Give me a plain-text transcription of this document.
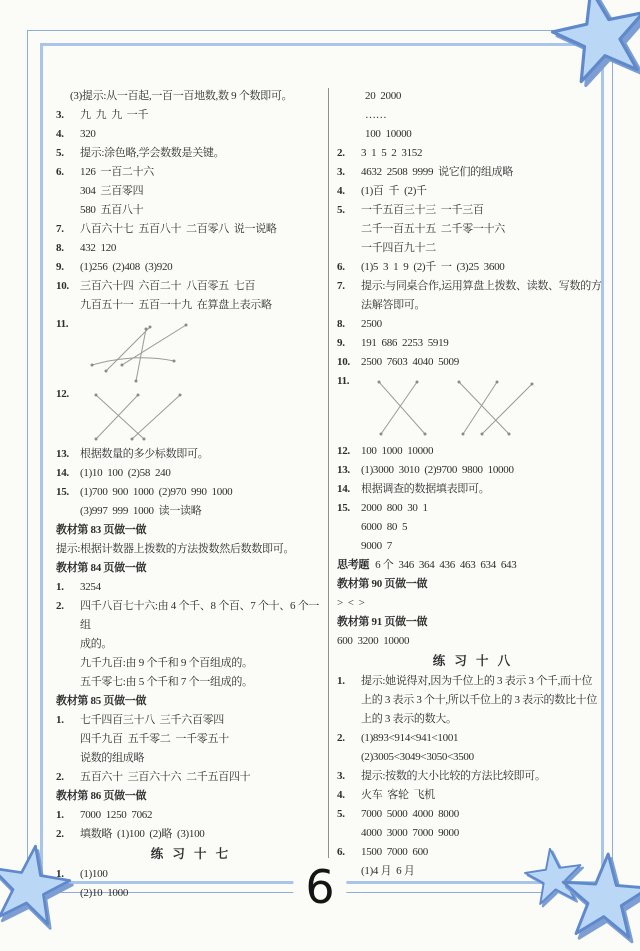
(3)提示:从一百起,一百一百地数,数 9 个数即可。
3.	九  九  九  一千
4.	320
5.	提示:涂色略,学会数数是关键。
6.	126  一百二十六
304  三百零四
580  五百八十
7.	八百六十七  五百八十  二百零八  说一说略
8.	432  120
9.	(1)256  (2)408  (3)920
10.	三百六十四  六百二十  八百零五  七百
九百五十一  五百一十九  在算盘上表示略
11.
12.
13.	根据数量的多少标数即可。
14.	(1)10  100  (2)58  240
15.	(1)700  900  1000  (2)970  990  1000
(3)997  999  1000  读一读略
教材第 83 页做一做
提示:根据计数器上拨数的方法拨数然后数数即可。
教材第 84 页做一做
1.	3254
2.	四千八百七十六:由 4 个千、8 个百、7 个十、6 个一组
成的。
九千九百:由 9 个千和 9 个百组成的。
五千零七:由 5 个千和 7 个一组成的。
教材第 85 页做一做
1.	七千四百三十八  三千六百零四
四千九百  五千零二  一千零五十
说数的组成略
2.	五百六十  三百六十六  二千五百四十
教材第 86 页做一做
1.	7000  1250  7062
2.	填数略  (1)100  (2)略  (3)100
练 习 十 七
1.	(1)100
(2)10  1000
20  2000
……
100  10000
2.	3  1  5  2  3152
3.	4632  2508  9999  说它们的组成略
4.	(1)百  千  (2)千
5.	一千五百三十三  一千三百
二千一百五十五  二千零一十六
一千四百九十二
6.	(1)5  3  1  9  (2)千  一  (3)25  3600
7.	提示:与同桌合作,运用算盘上拨数、读数、写数的方
法解答即可。
8.	2500
9.	191  686  2253  5919
10.	2500  7603  4040  5009
11.
12.	100  1000  10000
13.	(1)3000  3010  (2)9700  9800  10000
14.	根据调查的数据填表即可。
15.	2000  800  30  1
6000  80  5
9000  7
思考题 6 个  346  364  436  463  634  643
教材第 90 页做一做
>  <  >
教材第 91 页做一做
600  3200  10000
练 习 十 八
1.	提示:她说得对,因为千位上的 3 表示 3 个千,而十位
上的 3 表示 3 个十,所以千位上的 3 表示的数比十位
上的 3 表示的数大。
2.	(1)893<914<941<1001
(2)3005<3049<3050<3500
3.	提示:按数的大小比较的方法比较即可。
4.	火车  客轮  飞机
5.	7000  5000  4000  8000
4000  3000  7000  9000
6.	1500  7000  600
(1)4 月  6 月
6
